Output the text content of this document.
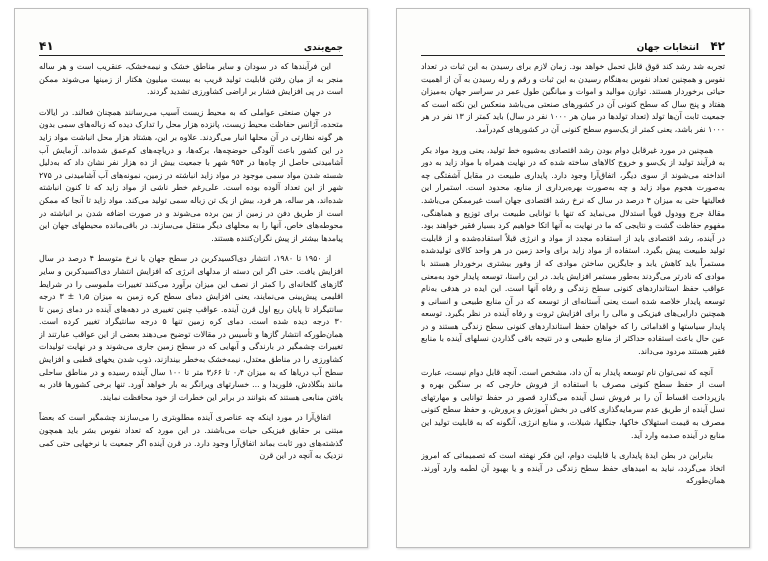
۴۱	جمع‌بندی

این فرآیندها که در سودان و سایر مناطق خشک و نیمه‌خشک، عنقریب است و هر ساله منجر به از میان رفتن قابلیت تولید قریب به بیست میلیون هکتار از زمینها می‌شوند ممکن است در پی افزایش فشار بر اراضی کشاورزی تشدید گردند.

در جهان صنعتی عواملی که به محیط زیست آسیب می‌رسانند همچنان فعالند. در ایالات متحده، آژانس حفاظت محیط زیست، پانزده هزار محل را تدارک دیده که زباله‌های سمی بدون هر گونه نظارتی در آن محلها انبار می‌گردند. علاوه بر این، هشتاد هزار محل انباشت مواد زاید در این کشور باعث آلودگی حوضچه‌ها، برکه‌ها، و دریاچه‌های کم‌عمق شده‌اند. آزمایش آب آشامیدنی حاصل از چاه‌ها در ۹۵۴ شهر با جمعیت بیش از ده هزار نفر نشان داد که به‌دلیل شسته شدن مواد سمی موجود در مواد زاید انباشته در زمین، نمونه‌های آب آشامیدنی در ۲۷۵ شهر از این تعداد آلوده بوده است. علی‌رغم خطر ناشی از مواد زاید که تا کنون انباشته شده‌اند، هر ساله، هر فرد، بیش از یک تن زباله سمی تولید می‌کند. مواد زاید تا آنجا که ممکن است از طریق دفن در زمین از بین برده می‌شوند و در صورت اضافه شدن بر انباشته در محوطه‌های خاص، آنها را به محلهای دیگر منتقل می‌سازند. در باقی‌مانده محیطهای جهان این پیامدها بیشتر از پیش نگران‌کننده هستند.

از ۱۹۵۰ تا ۱۹۸۰، انتشار دی‌اکسیدکربن در سطح جهان با نرخ متوسط ۴ درصد در سال افزایش یافت. حتی اگر این دسته از مدلهای انرژی که افزایش انتشار دی‌اکسیدکربن و سایر گازهای گلخانه‌ای را کمتر از نصف این میزان برآورد می‌کنند تغییرات ملموسی را در شرایط اقلیمی پیش‌بینی می‌نمایند، یعنی افزایش دمای سطح کره زمین به میزان ۱٫۵ ± ۳ درجه سانتیگراد تا پایان ربع اول قرن آینده. عواقب چنین تغییری در دهه‌های آینده در دمای زمین تا ۳۰ درجه دیده شده است. دمای کره زمین تنها ۵ درجه سانتیگراد تغییر کرده است. همان‌طورکه انتشار گازها و تأسیس در مقالات توضیح می‌دهند بعضی از این عواقب عبارتند از تغییرات چشمگیر در بارندگی و آبهایی که در سطح زمین جاری می‌شوند و در نهایت تولیدات کشاورزی را در مناطق معتدل، نیمه‌خشک به‌خطر بیندازند، ذوب شدن یخهای قطبی و افزایش سطح آب دریاها که به میزان ۰٫۴ تا ۳٫۶۶ متر تا ۱۰۰ سال آینده رسیده و در مناطق ساحلی مانند بنگلادش، فلوریدا و ... خسارتهای ویرانگر به بار خواهد آورد. تنها برخی کشورها قادر به یافتن منابعی هستند که بتوانند در برابر این خطرات از خود محافظت نمایند.

اتفاق‌آرا در مورد اینکه چه عناصری آینده مطلوبتری را می‌سازند چشمگیر است که بعضاً مبتنی بر حقایق فیزیکی حیات می‌باشند. در این مورد که تعداد نفوس بشر باید همچون گذشته‌های دور ثابت بماند اتفاق‌آرا وجود دارد. در قرن آینده اگر جمعیت با نرخهایی حتی کمی نزدیک به آنچه در این قرن

۴۲
انتخابات جهان

تجربه شد رشد کند قوق قابل تحمل خواهد بود. زمان لازم برای رسیدن به این ثبات در تعداد نفوس و همچنین تعداد نفوس به‌هنگام رسیدن به این ثبات و رقم و رله رسیدن به آن از اهمیت حیاتی برخوردار هستند. توازن موالید و اموات و میانگین طول عمر در سراسر جهان به‌میزان هفتاد و پنج سال که سطح کنونی آن در کشورهای صنعتی می‌باشد منعکس این نکته است که جمعیت ثابت آن‌ها تولد (تعداد تولدها در میان هر ۱۰۰۰ نفر در سال) باید کمتر از ۱۳ نفر در هر ۱۰۰۰ نفر باشد، یعنی کمتر از یک‌سوم سطح کنونی آن در کشورهای کم‌درآمد.

همچنین در مورد غیرقابل دوام بودن رشد اقتصادی به‌شیوه خط تولید، یعنی ورود مواد بکر به فرآیند تولید از یک‌سو و خروج کالاهای ساخته شده که در نهایت همراه با مواد زاید به دور انداخته می‌شوند از سوی دیگر، اتفاق‌آرا وجود دارد. پایداری طبیعت در مقابل آشفتگی چه به‌صورت هجوم مواد زاید و چه به‌صورت بهره‌برداری از منابع، محدود است. استمرار این فعالیتها حتی به میزان ۴ درصد در سال که نرخ رشد اقتصادی جهان است غیرممکن می‌باشد. مقالهٔ جرج وودول قویاً استدلال می‌نماید که تنها با توانایی طبیعت برای توزیع و هماهنگی، مفهوم حفاظت گشت و نتایجی که ما در نهایت به آنها اتکا خواهیم کرد بسیار فقیر خواهند بود. در آینده، رشد اقتصادی باید از استفاده مجدد از مواد و انرژی قبلاً استفاده‌شده و از قابلیت تولید طبیعت پیش بگیرد. استفاده از مواد زاید برای واحد زمین در هر واحد کالای تولیدشده مستمراً باید کاهش یابد و جایگزین ساختن موادی که از وفور بیشتری برخوردار هستند با موادی که نادرتر می‌گردند به‌طور مستمر افزایش یابد. در این راستا، توسعه پایدار خود به‌معنی عواقب حفظ استانداردهای کنونی سطح زندگی و رفاه آنها است. این ایده در هدفی به‌نام توسعه پایدار خلاصه شده است یعنی آستانه‌ای از توسعه که در آن منابع طبیعی و انسانی و همچنین دارایی‌های فیزیکی و مالی را برای افزایش ثروت و رفاه آینده در نظر بگیرد. توسعه پایدار سیاستها و اقداماتی را که خواهان حفظ استانداردهای کنونی سطح زندگی هستند و در عین حال باعث استفاده حداکثر از منابع طبیعی و در نتیجه باقی گذاردن نسلهای آینده با منابع فقیر هستند مردود می‌داند.

آنچه که نمی‌توان نام توسعه پایدار به آن داد، مشخص است. آنچه قابل دوام نیست، عبارت است از حفظ سطح کنونی مصرف با استفاده از فروش خارجی که بر سنگین بهره و بازپرداخت اقساط آن را بر فروش نسل آینده می‌گذارد قصور در حفظ توانایی و مهارتهای نسل آینده از طریق عدم سرمایه‌گذاری کافی در بخش آموزش و پرورش، و حفظ سطح کنونی مصرف به قیمت استهلاک خاکها، جنگلها، شیلات، و منابع انرژی، آنگونه که به قابلیت تولید این منابع در آینده صدمه وارد آید.

بنابراین در بطن ایدهٔ پایداری یا قابلیت دوام، این فکر نهفته است که تصمیماتی که امروز اتخاذ می‌گردد، نباید به امیدهای حفظ سطح زندگی در آینده و یا بهبود آن لطمه وارد آورند. همان‌طورکه
